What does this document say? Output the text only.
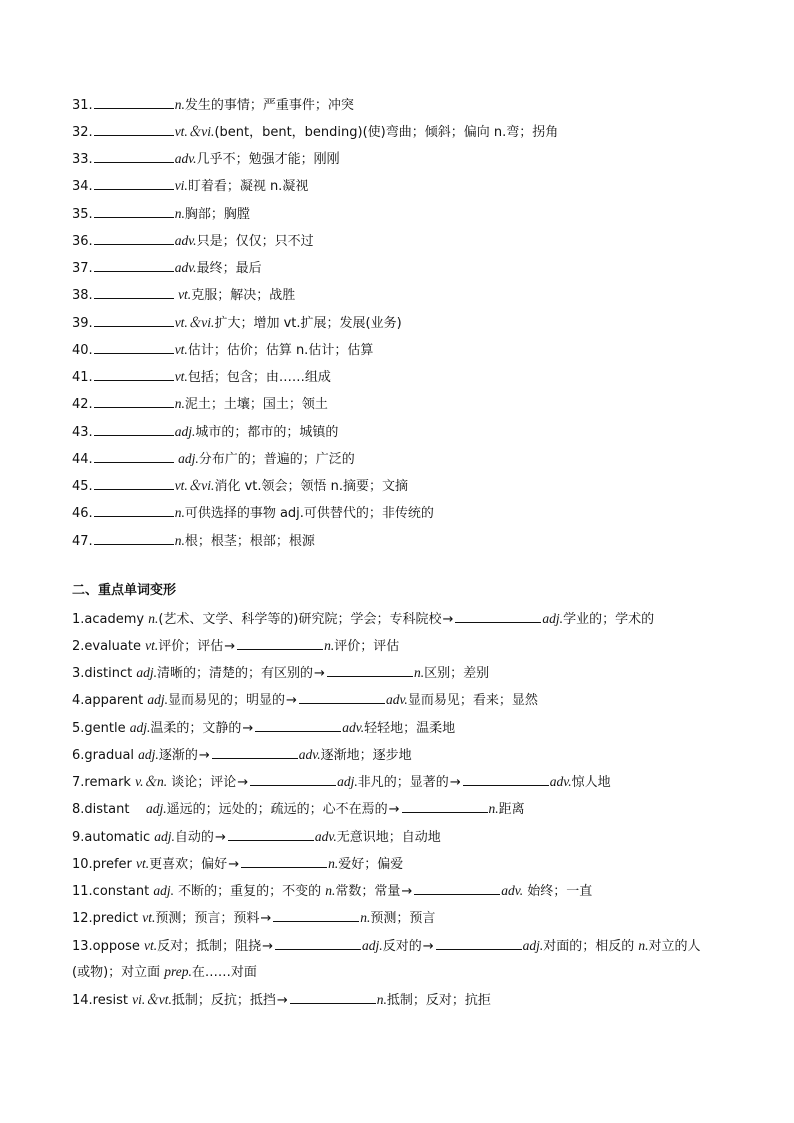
31.	n.发生的事情；严重事件；冲突
32.	vt.＆vi.(bent，bent，bending)(使)弯曲；倾斜；偏向 n.弯；拐角
33.	adv.几乎不；勉强才能；刚刚
34.	vi.盯着看；凝视 n.凝视
35.	n.胸部；胸膛
36.	adv.只是；仅仅；只不过
37.	adv.最终；最后
38.	vt.克服；解决；战胜
39.	vt.＆vi.扩大；增加 vt.扩展；发展(业务)
40.	vt.估计；估价；估算 n.估计；估算
41.	vt.包括；包含；由……组成
42.	n.泥土；土壤；国土；领土
43.	adj.城市的；都市的；城镇的
44.	adj.分布广的；普遍的；广泛的
45.	vt.＆vi.消化 vt.领会；领悟 n.摘要；文摘
46.	n.可供选择的事物 adj.可供替代的；非传统的
47.	n.根；根茎；根部；根源
二、重点单词变形
1.academy n.(艺术、文学、科学等的)研究院；学会；专科院校→	adj.学业的；学术的
2.evaluate vt.评价；评估→	n.评价；评估
3.distinct adj.清晰的；清楚的；有区别的→	n.区别；差别
4.apparent adj.显而易见的；明显的→	adv.显而易见；看来；显然
5.gentle adj.温柔的；文静的→	adv.轻轻地；温柔地
6.gradual adj.逐渐的→	adv.逐渐地；逐步地
7.remark v.＆n. 谈论；评论→	adj.非凡的；显著的→	adv.惊人地
8.distant    adj.遥远的；远处的；疏远的；心不在焉的→	n.距离
9.automatic adj.自动的→	adv.无意识地；自动地
10.prefer vt.更喜欢；偏好→	n.爱好；偏爱
11.constant adj. 不断的；重复的；不变的 n.常数；常量→	adv. 始终；一直
12.predict vt.预测；预言；预料→	n.预测；预言
13.oppose vt.反对；抵制；阻挠→	adj.反对的→	adj.对面的；相反的 n.对立的人
(或物)；对立面 prep.在……对面
14.resist vi.＆vt.抵制；反抗；抵挡→	n.抵制；反对；抗拒
